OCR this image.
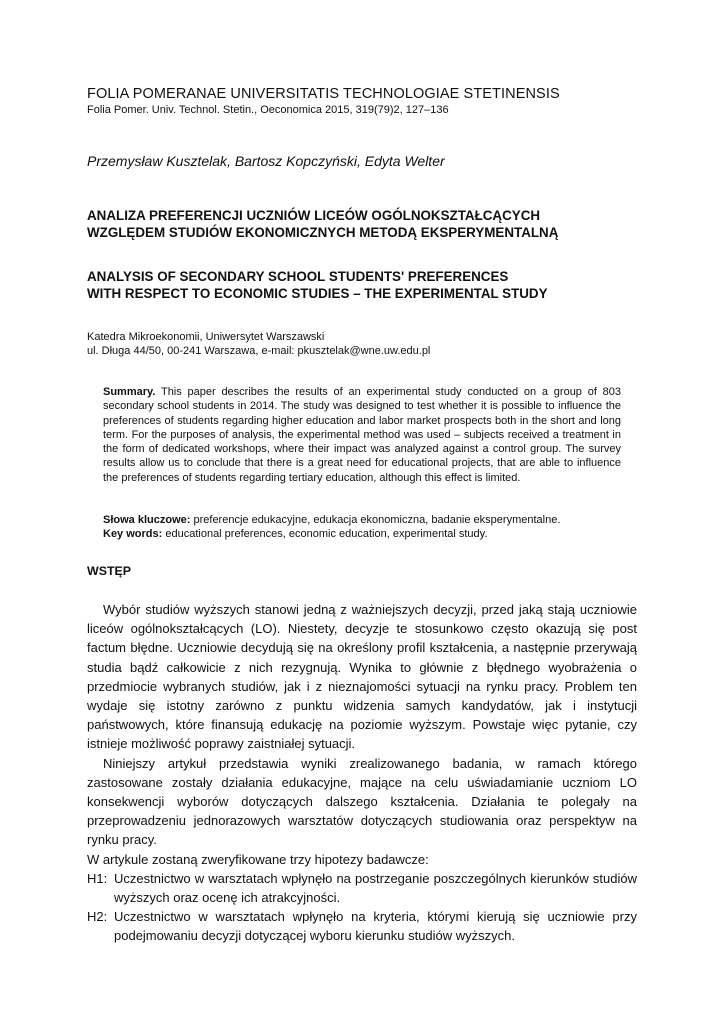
FOLIA POMERANAE UNIVERSITATIS TECHNOLOGIAE STETINENSIS
Folia Pomer. Univ. Technol. Stetin., Oeconomica 2015, 319(79)2, 127–136
Przemysław Kusztelak, Bartosz Kopczyński, Edyta Welter
ANALIZA PREFERENCJI UCZNIÓW LICEÓW OGÓLNOKSZTAŁCĄCYCH
WZGLĘDEM STUDIÓW EKONOMICZNYCH METODĄ EKSPERYMENTALNĄ
ANALYSIS OF SECONDARY SCHOOL STUDENTS' PREFERENCES
WITH RESPECT TO ECONOMIC STUDIES – THE EXPERIMENTAL STUDY
Katedra Mikroekonomii, Uniwersytet Warszawski
ul. Długa 44/50, 00-241 Warszawa, e-mail: pkusztelak@wne.uw.edu.pl
Summary. This paper describes the results of an experimental study conducted on a group of 803 secondary school students in 2014. The study was designed to test whether it is possible to influence the preferences of students regarding higher education and labor market prospects both in the short and long term. For the purposes of analysis, the experimental method was used – subjects received a treatment in the form of dedicated workshops, where their impact was analyzed against a control group. The survey results allow us to conclude that there is a great need for educational projects, that are able to influence the preferences of students regarding tertiary education, although this effect is limited.
Słowa kluczowe: preferencje edukacyjne, edukacja ekonomiczna, badanie eksperymentalne.
Key words: educational preferences, economic education, experimental study.
WSTĘP

Wybór studiów wyższych stanowi jedną z ważniejszych decyzji, przed jaką stają uczniowie liceów ogólnokształcących (LO). Niestety, decyzje te stosunkowo często okazują się post factum błędne. Uczniowie decydują się na określony profil kształcenia, a następnie przerywają studia bądź całkowicie z nich rezygnują. Wynika to głównie z błędnego wyobrażenia o przedmiocie wybranych studiów, jak i z nieznajomości sytuacji na rynku pracy. Problem ten wydaje się istotny zarówno z punktu widzenia samych kandydatów, jak i instytucji państwowych, które finansują edukację na poziomie wyższym. Powstaje więc pytanie, czy istnieje możliwość poprawy zaistniałej sytuacji.

Niniejszy artykuł przedstawia wyniki zrealizowanego badania, w ramach którego zastosowane zostały działania edukacyjne, mające na celu uświadamianie uczniom LO konsekwencji wyborów dotyczących dalszego kształcenia. Działania te polegały na przeprowadzeniu jednorazowych warsztatów dotyczących studiowania oraz perspektyw na rynku pracy.

W artykule zostaną zweryfikowane trzy hipotezy badawcze:

H1: Uczestnictwo w warsztatach wpłynęło na postrzeganie poszczególnych kierunków studiów wyższych oraz ocenę ich atrakcyjności.
H2: Uczestnictwo w warsztatach wpłynęło na kryteria, którymi kierują się uczniowie przy podejmowaniu decyzji dotyczącej wyboru kierunku studiów wyższych.
